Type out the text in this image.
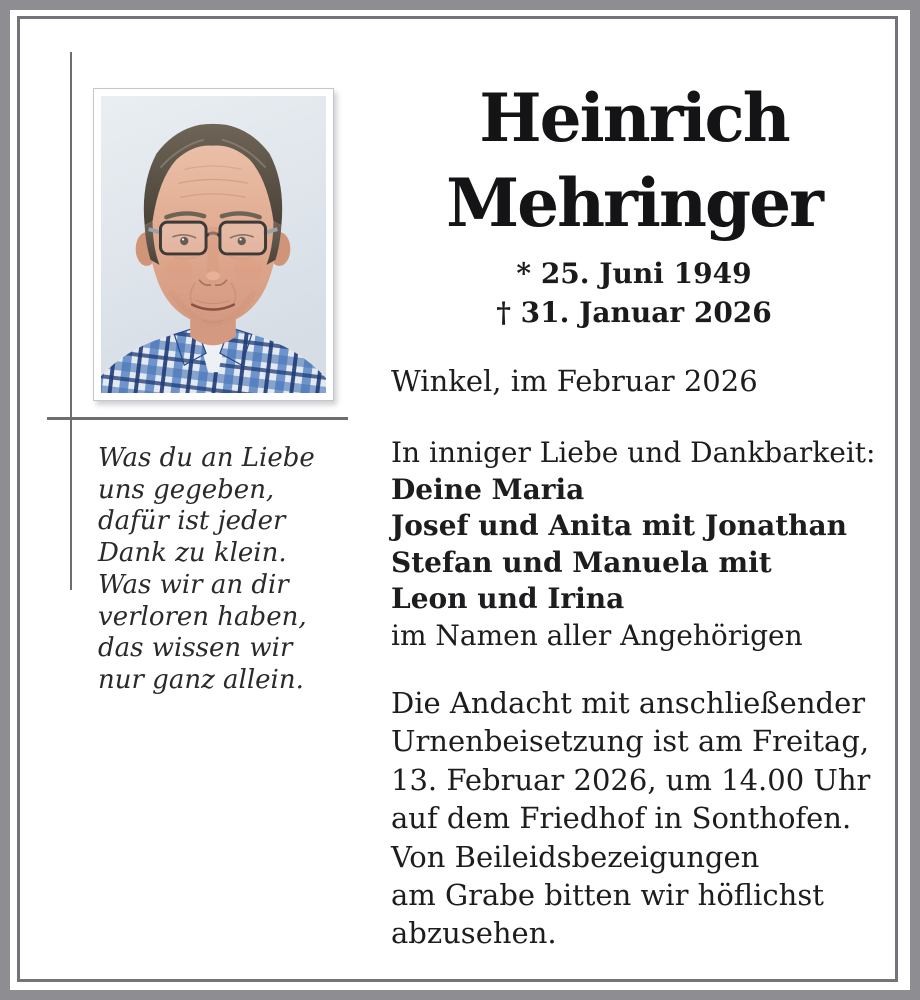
Heinrich
Mehringer
* 25. Juni 1949
† 31. Januar 2026
Winkel, im Februar 2026
In inniger Liebe und Dankbarkeit:
Deine Maria
Josef und Anita mit Jonathan
Stefan und Manuela mit
Leon und Irina
im Namen aller Angehörigen
Die Andacht mit anschließender
Urnenbeisetzung ist am Freitag,
13. Februar 2026, um 14.00 Uhr
auf dem Friedhof in Sonthofen.
Von Beileidsbezeigungen
am Grabe bitten wir höflichst
abzusehen.
Was du an Liebe
uns gegeben,
dafür ist jeder
Dank zu klein.
Was wir an dir
verloren haben,
das wissen wir
nur ganz allein.
